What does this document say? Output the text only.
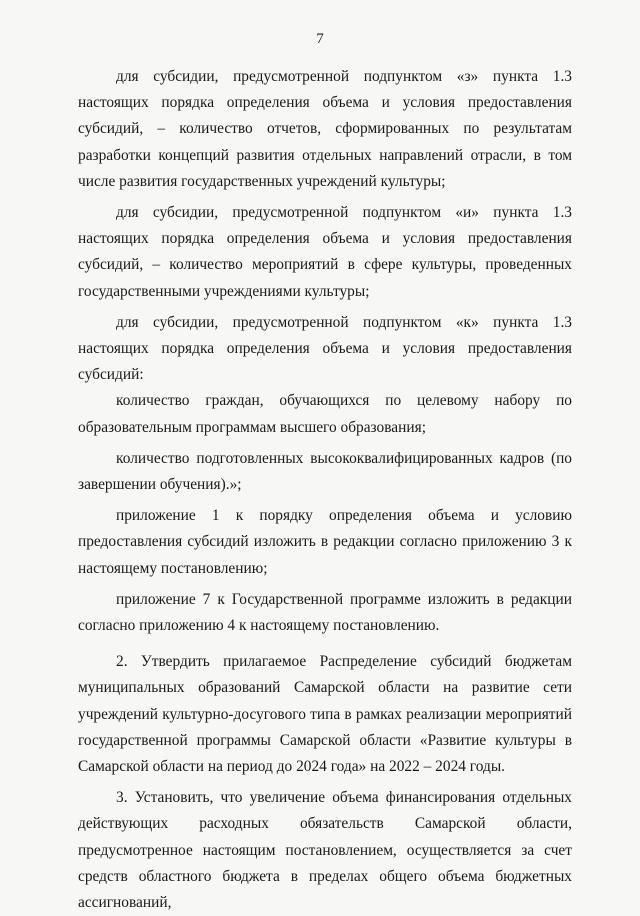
7

для субсидии, предусмотренной подпунктом «з» пункта 1.3 настоящих порядка определения объема и условия предоставления субсидий, – количество отчетов, сформированных по результатам разработки концепций развития отдельных направлений отрасли, в том числе развития государственных учреждений культуры;

для субсидии, предусмотренной подпунктом «и» пункта 1.3 настоящих порядка определения объема и условия предоставления субсидий, – количество мероприятий в сфере культуры, проведенных государственными учреждениями культуры;

для субсидии, предусмотренной подпунктом «к» пункта 1.3 настоящих порядка определения объема и условия предоставления субсидий:

количество граждан, обучающихся по целевому набору по образовательным программам высшего образования;

количество подготовленных высококвалифицированных кадров (по завершении обучения).»;

приложение 1 к порядку определения объема и условию предоставления субсидий изложить в редакции согласно приложению 3 к настоящему постановлению;

приложение 7 к Государственной программе изложить в редакции согласно приложению 4 к настоящему постановлению.

2. Утвердить прилагаемое Распределение субсидий бюджетам муниципальных образований Самарской области на развитие сети учреждений культурно-досугового типа в рамках реализации мероприятий государственной программы Самарской области «Развитие культуры в Самарской области на период до 2024 года» на 2022 – 2024 годы.

3. Установить, что увеличение объема финансирования отдельных действующих расходных обязательств Самарской области, предусмотренное настоящим постановлением, осуществляется за счет средств областного бюджета в пределах общего объема бюджетных ассигнований,
